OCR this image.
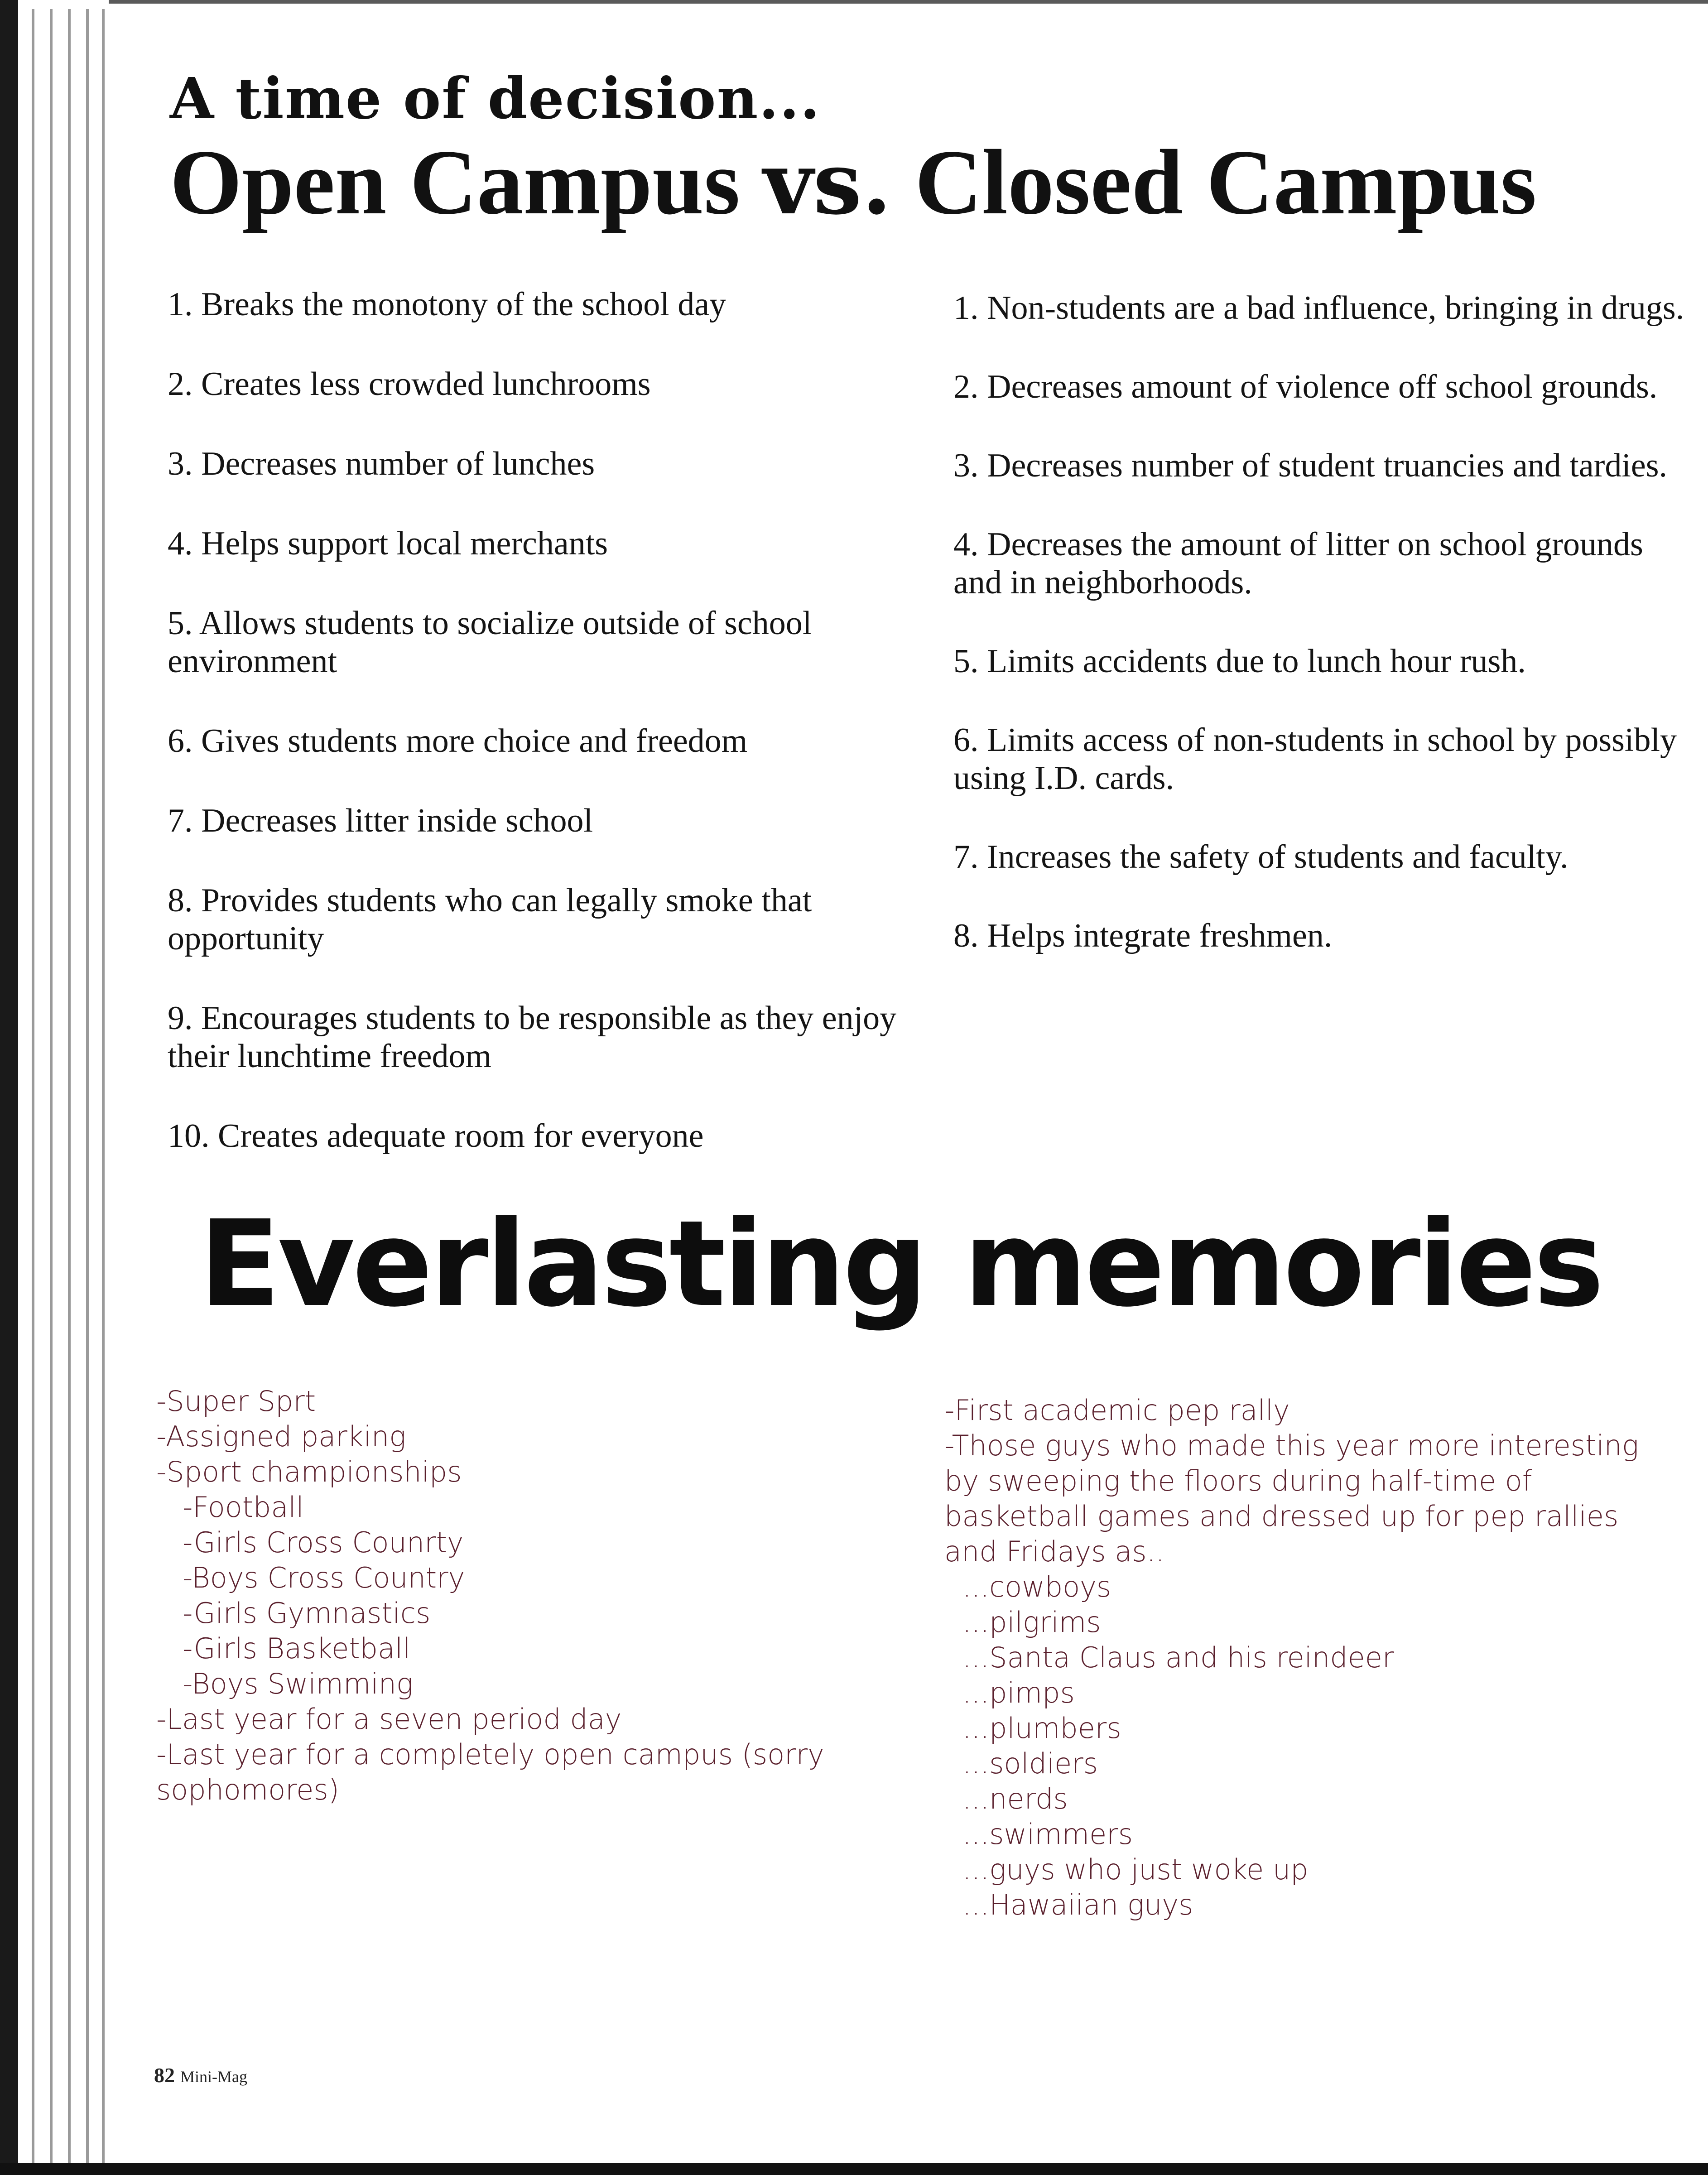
A time of decision...
Open Campus vs. Closed Campus
1. Breaks the monotony of the school day
2. Creates less crowded lunchrooms
3. Decreases number of lunches
4. Helps support local merchants
5. Allows students to socialize outside of school environment
6. Gives students more choice and freedom
7. Decreases litter inside school
8. Provides students who can legally smoke that opportunity
9. Encourages students to be responsible as they enjoy their lunchtime freedom
10. Creates adequate room for everyone
1. Non-students are a bad influence, bringing in drugs.
2. Decreases amount of violence off school grounds.
3. Decreases number of student truancies and tardies.
4. Decreases the amount of litter on school grounds and in neighborhoods.
5. Limits accidents due to lunch hour rush.
6. Limits access of non-students in school by possibly using I.D. cards.
7. Increases the safety of students and faculty.
8. Helps integrate freshmen.
Everlasting memories
-Super Sprt
-Assigned parking
-Sport championships
-Football
-Girls Cross Counrty
-Boys Cross Country
-Girls Gymnastics
-Girls Basketball
-Boys Swimming
-Last year for a seven period day
-Last year for a completely open campus (sorry sophomores)
-First academic pep rally
-Those guys who made this year more interesting by sweeping the floors during half-time of basketball games and dressed up for pep rallies and Fridays as..
...cowboys
...pilgrims
...Santa Claus and his reindeer
...pimps
...plumbers
...soldiers
...nerds
...swimmers
...guys who just woke up
...Hawaiian guys
82 Mini-Mag
